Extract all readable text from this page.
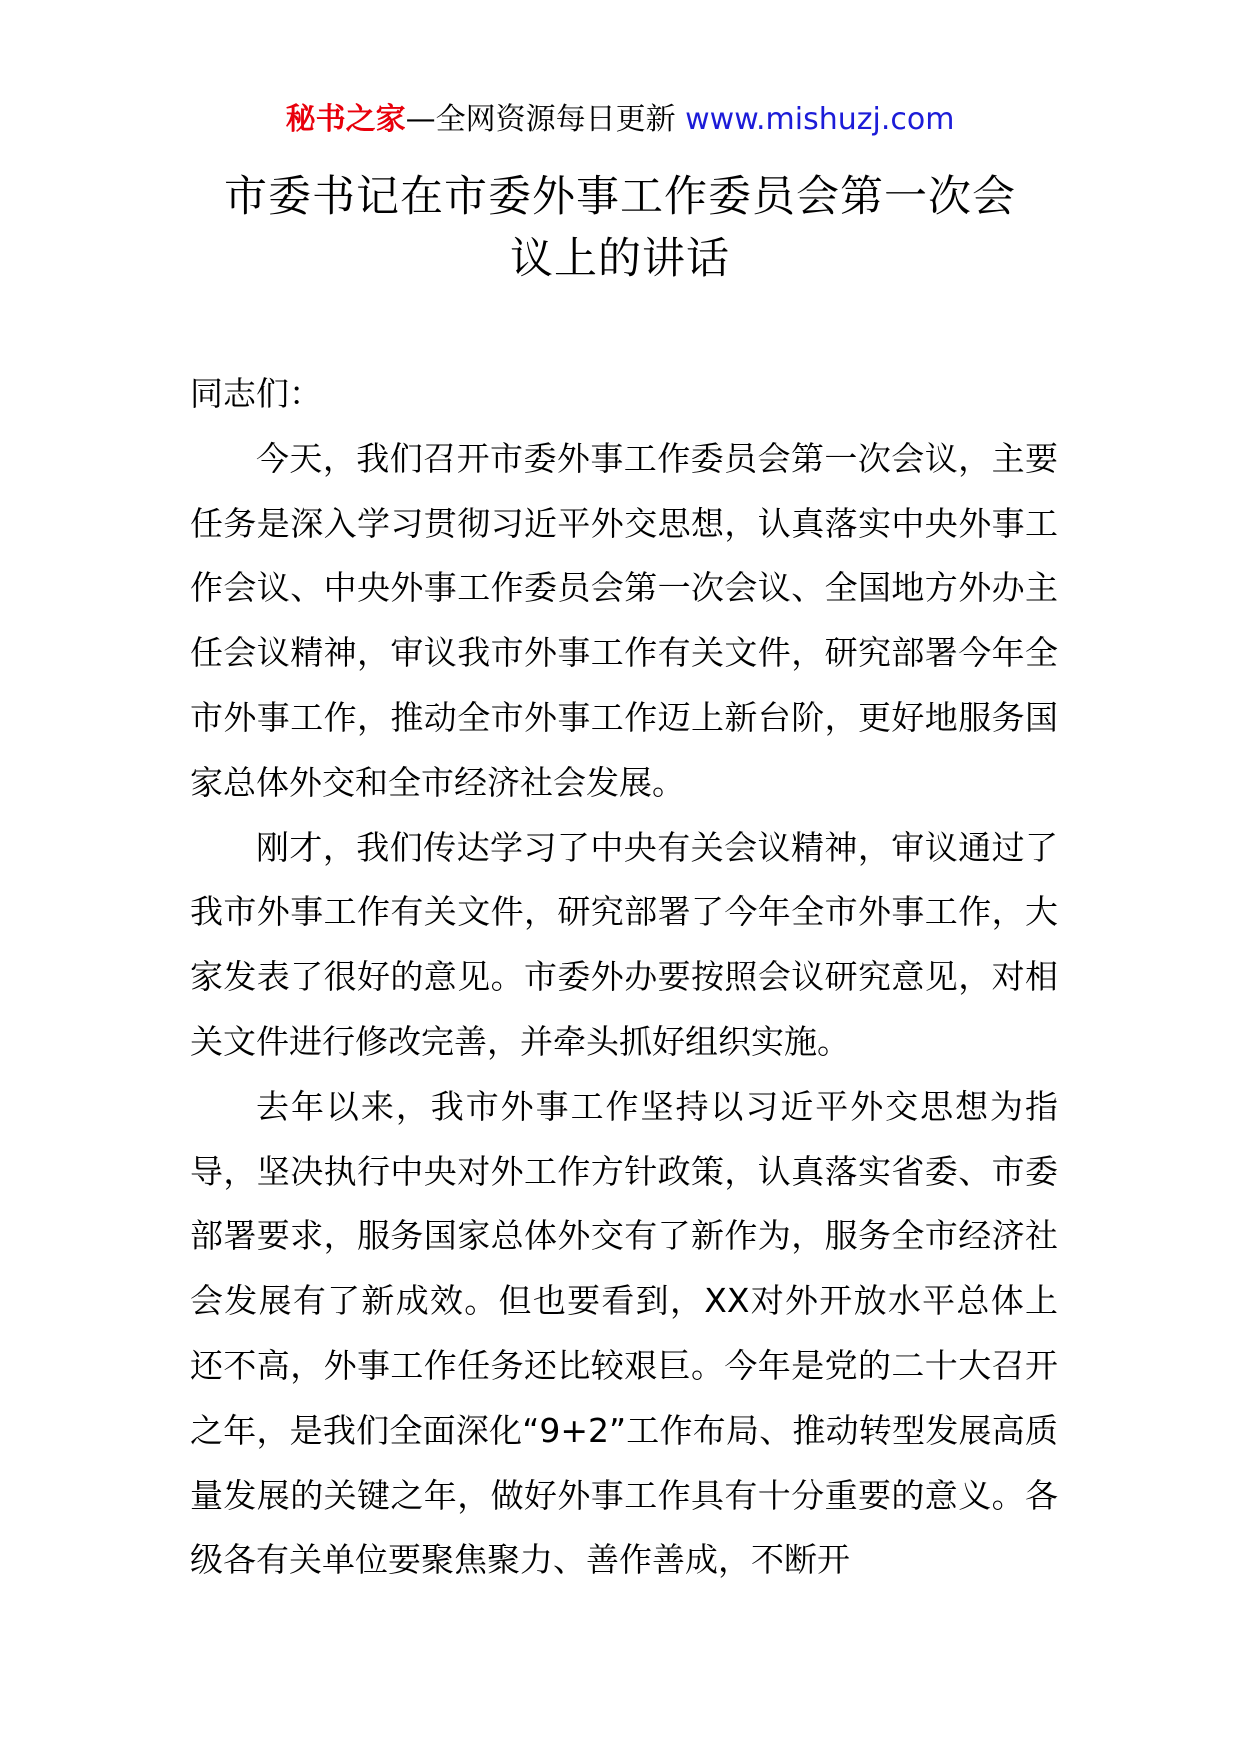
秘书之家—全网资源每日更新 www.mishuzj.com
市委书记在市委外事工作委员会第一次会
议上的讲话

同志们：

今天，我们召开市委外事工作委员会第一次会议，主要任务是深入学习贯彻习近平外交思想，认真落实中央外事工作会议、中央外事工作委员会第一次会议、全国地方外办主任会议精神，审议我市外事工作有关文件，研究部署今年全市外事工作，推动全市外事工作迈上新台阶，更好地服务国家总体外交和全市经济社会发展。

刚才，我们传达学习了中央有关会议精神，审议通过了我市外事工作有关文件，研究部署了今年全市外事工作，大家发表了很好的意见。市委外办要按照会议研究意见，对相关文件进行修改完善，并牵头抓好组织实施。

去年以来，我市外事工作坚持以习近平外交思想为指导，坚决执行中央对外工作方针政策，认真落实省委、市委部署要求，服务国家总体外交有了新作为，服务全市经济社会发展有了新成效。但也要看到，XX对外开放水平总体上还不高，外事工作任务还比较艰巨。今年是党的二十大召开之年，是我们全面深化“9+2”工作布局、推动转型发展高质量发展的关键之年，做好外事工作具有十分重要的意义。各级各有关单位要聚焦聚力、善作善成，不断开
